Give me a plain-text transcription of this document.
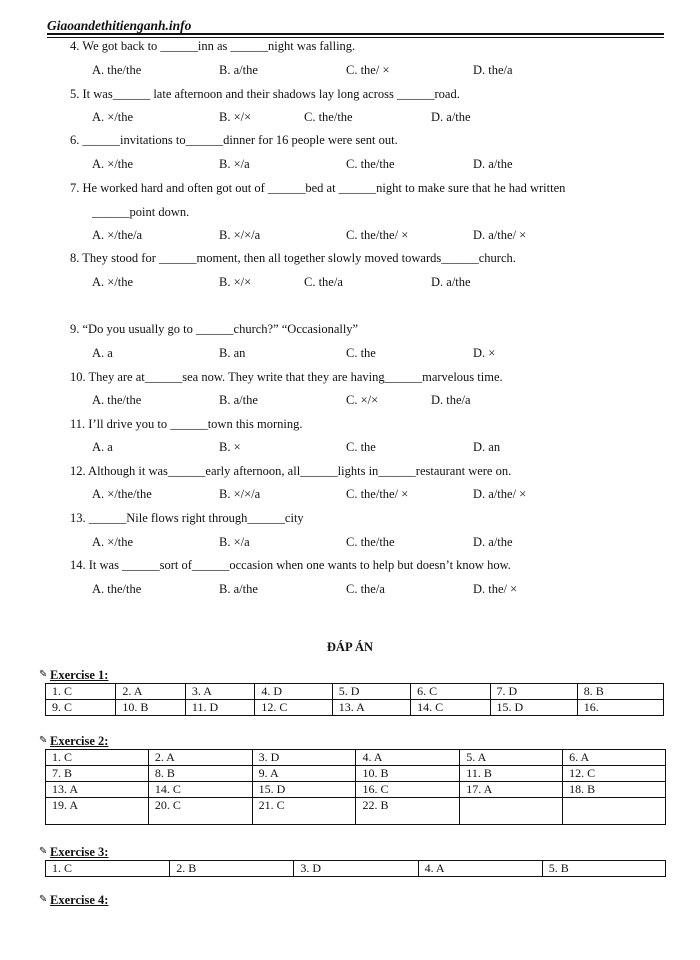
Giaoandethitienganh.info
4. We got back to ______inn as ______night was falling.
A. the/the	B. a/the	C. the/ ×	D. the/a
5. It was______ late afternoon and their shadows lay long across ______road.
A. ×/the	B. ×/×	C. the/the	D. a/the
6. ______invitations to______dinner for 16 people were sent out.
A. ×/the	B. ×/a	C. the/the	D. a/the
7. He worked hard and often got out of ______bed at ______night to make sure that he had written
______point down.
A. ×/the/a	B. ×/×/a	C. the/the/ ×	D. a/the/ ×
8. They stood for ______moment, then all together slowly moved towards______church.
A. ×/the	B. ×/×	C. the/a	D. a/the
9. “Do you usually go to ______church?” “Occasionally”
A. a	B. an	C. the	D. ×
10. They are at______sea now. They write that they are having______marvelous time.
A. the/the	B. a/the	C. ×/×	D. the/a
11. I’ll drive you to ______town this morning.
A. a	B. ×	C. the	D. an
12. Although it was______early afternoon, all______lights in______restaurant were on.
A. ×/the/the	B. ×/×/a	C. the/the/ ×	D. a/the/ ×
13. ______Nile flows right through______city
A. ×/the	B. ×/a	C. the/the	D. a/the
14. It was ______sort of______occasion when one wants to help but doesn’t know how.
A. the/the	B. a/the	C. the/a	D. the/ ×
ĐÁP ÁN
✎ Exercise 1:
1. C	2. A	3. A	4. D	5. D	6. C	7. D	8. B
9. C	10. B	11. D	12. C	13. A	14. C	15. D	16.
✎ Exercise 2:
1. C	2. A	3. D	4. A	5. A	6. A
7. B	8. B	9. A	10. B	11. B	12. C
13. A	14. C	15. D	16. C	17. A	18. B
19. A	20. C	21. C	22. B		
✎ Exercise 3:
1. C	2. B	3. D	4. A	5. B
✎ Exercise 4:
